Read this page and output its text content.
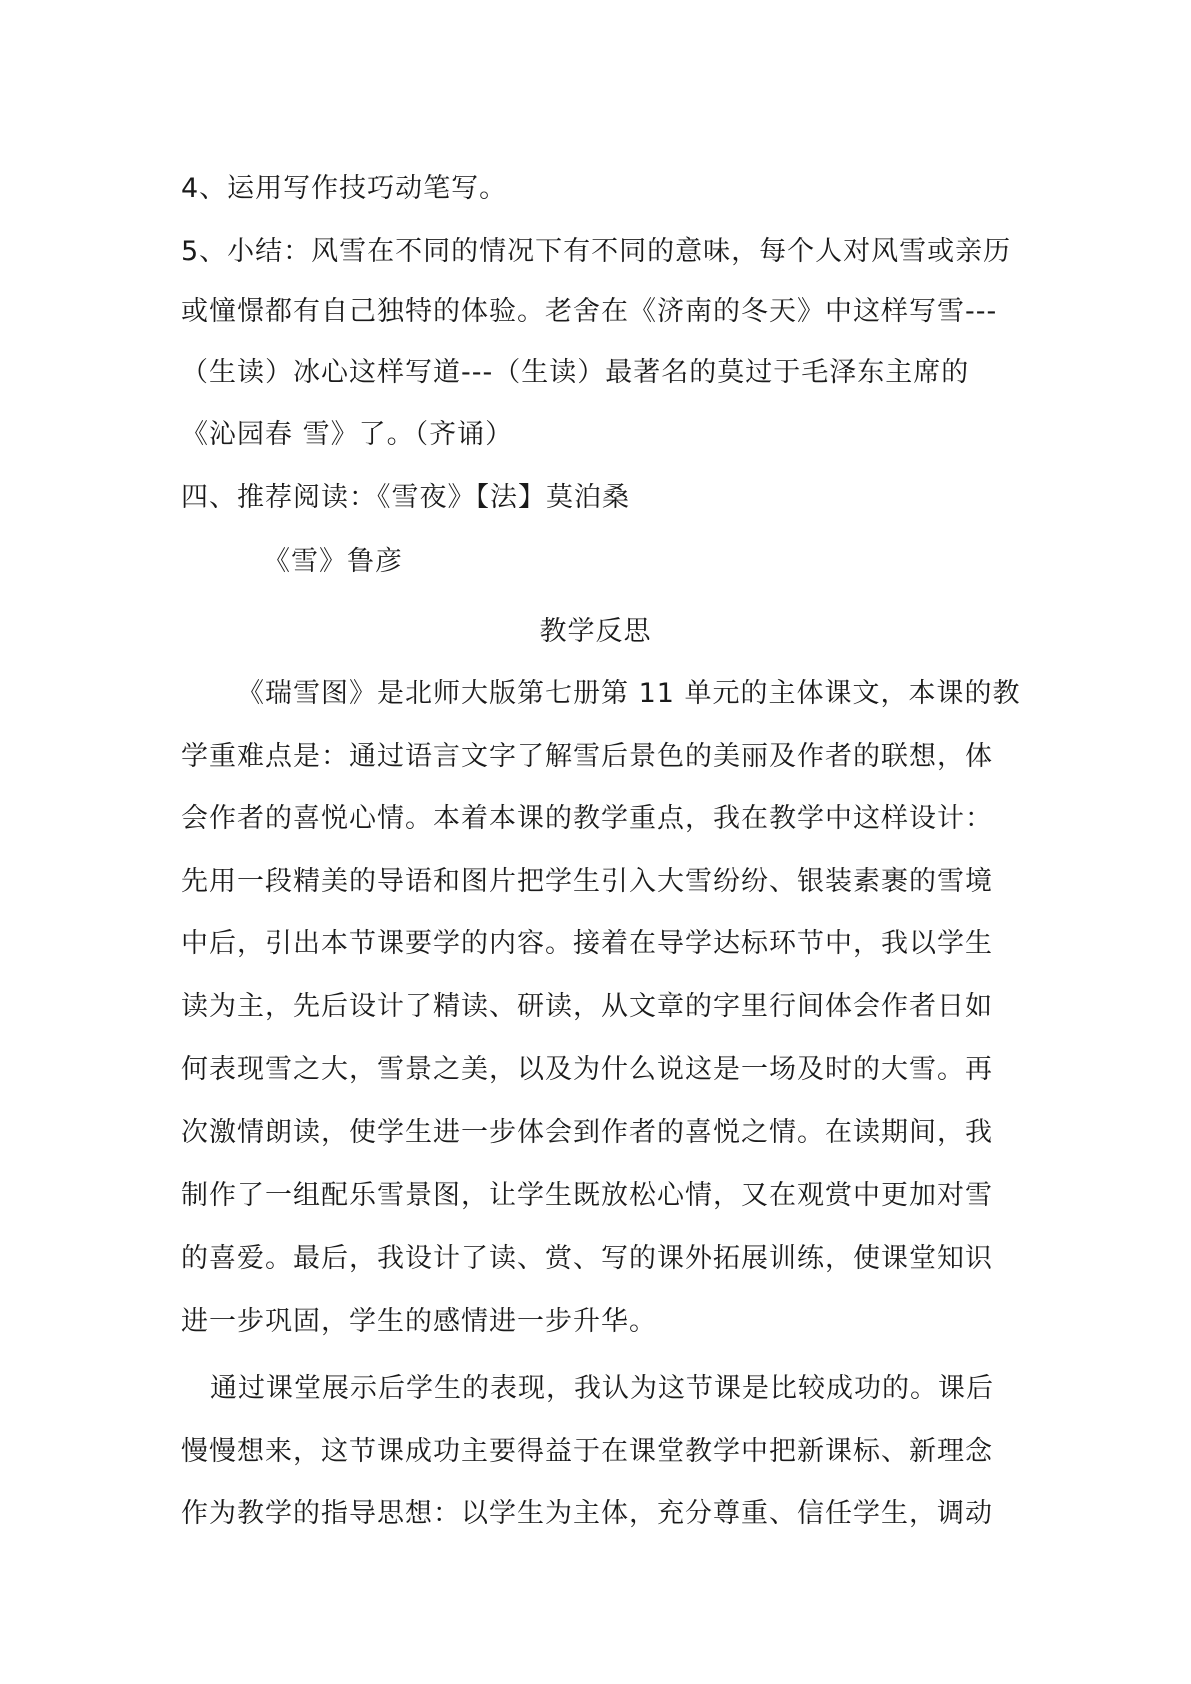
4、运用写作技巧动笔写。
5、小结：风雪在不同的情况下有不同的意味，每个人对风雪或亲历
或憧憬都有自己独特的体验。老舍在《济南的冬天》中这样写雪---
（生读）冰心这样写道---（生读）最著名的莫过于毛泽东主席的
《沁园春 雪》了。（齐诵）
四、推荐阅读：《雪夜》【法】莫泊桑
《雪》鲁彦
教学反思
《瑞雪图》是北师大版第七册第 11 单元的主体课文，本课的教
学重难点是：通过语言文字了解雪后景色的美丽及作者的联想，体
会作者的喜悦心情。本着本课的教学重点，我在教学中这样设计：
先用一段精美的导语和图片把学生引入大雪纷纷、银装素裹的雪境
中后，引出本节课要学的内容。接着在导学达标环节中，我以学生
读为主，先后设计了精读、研读，从文章的字里行间体会作者日如
何表现雪之大，雪景之美，以及为什么说这是一场及时的大雪。再
次激情朗读，使学生进一步体会到作者的喜悦之情。在读期间，我
制作了一组配乐雪景图，让学生既放松心情，又在观赏中更加对雪
的喜爱。最后，我设计了读、赏、写的课外拓展训练，使课堂知识
进一步巩固，学生的感情进一步升华。
通过课堂展示后学生的表现，我认为这节课是比较成功的。课后
慢慢想来，这节课成功主要得益于在课堂教学中把新课标、新理念
作为教学的指导思想：以学生为主体，充分尊重、信任学生，调动
